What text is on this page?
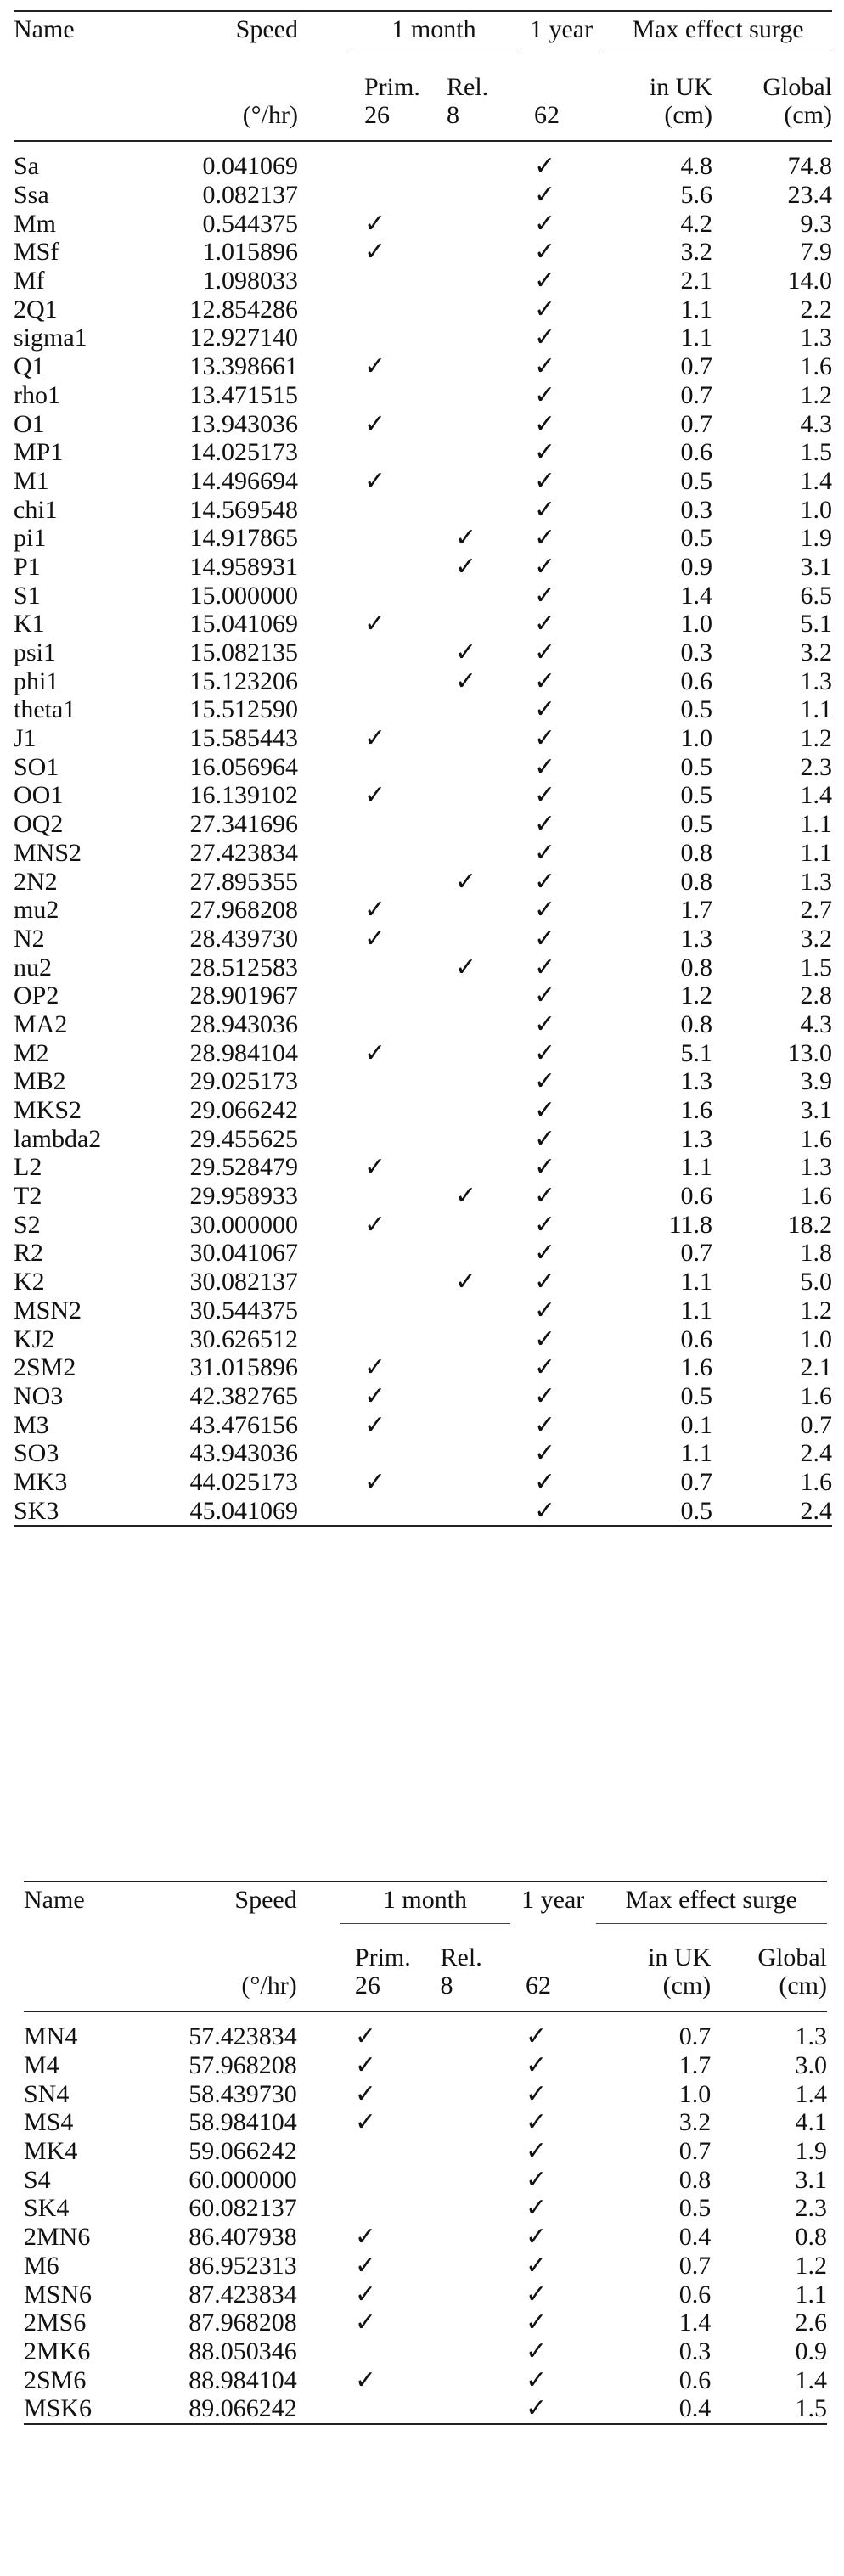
Name	Speed		1 month		1 year	Max effect surge	
			Prim.	Rel.		in UK	Global
	(°/hr)		26	8	62	(cm)	(cm)

Sa	0.041069				✓	4.8	74.8
Ssa	0.082137				✓	5.6	23.4
Mm	0.544375		✓		✓	4.2	9.3
MSf	1.015896		✓		✓	3.2	7.9
Mf	1.098033				✓	2.1	14.0
2Q1	12.854286				✓	1.1	2.2
sigma1	12.927140				✓	1.1	1.3
Q1	13.398661		✓		✓	0.7	1.6
rho1	13.471515				✓	0.7	1.2
O1	13.943036		✓		✓	0.7	4.3
MP1	14.025173				✓	0.6	1.5
M1	14.496694		✓		✓	0.5	1.4
chi1	14.569548				✓	0.3	1.0
pi1	14.917865			✓	✓	0.5	1.9
P1	14.958931			✓	✓	0.9	3.1
S1	15.000000				✓	1.4	6.5
K1	15.041069		✓		✓	1.0	5.1
psi1	15.082135			✓	✓	0.3	3.2
phi1	15.123206			✓	✓	0.6	1.3
theta1	15.512590				✓	0.5	1.1
J1	15.585443		✓		✓	1.0	1.2
SO1	16.056964				✓	0.5	2.3
OO1	16.139102		✓		✓	0.5	1.4
OQ2	27.341696				✓	0.5	1.1
MNS2	27.423834				✓	0.8	1.1
2N2	27.895355			✓	✓	0.8	1.3
mu2	27.968208		✓		✓	1.7	2.7
N2	28.439730		✓		✓	1.3	3.2
nu2	28.512583			✓	✓	0.8	1.5
OP2	28.901967				✓	1.2	2.8
MA2	28.943036				✓	0.8	4.3
M2	28.984104		✓		✓	5.1	13.0
MB2	29.025173				✓	1.3	3.9
MKS2	29.066242				✓	1.6	3.1
lambda2	29.455625				✓	1.3	1.6
L2	29.528479		✓		✓	1.1	1.3
T2	29.958933			✓	✓	0.6	1.6
S2	30.000000		✓		✓	11.8	18.2
R2	30.041067				✓	0.7	1.8
K2	30.082137			✓	✓	1.1	5.0
MSN2	30.544375				✓	1.1	1.2
KJ2	30.626512				✓	0.6	1.0
2SM2	31.015896		✓		✓	1.6	2.1
NO3	42.382765		✓		✓	0.5	1.6
M3	43.476156		✓		✓	0.1	0.7
SO3	43.943036				✓	1.1	2.4
MK3	44.025173		✓		✓	0.7	1.6
SK3	45.041069				✓	0.5	2.4
Name	Speed		1 month		1 year	Max effect surge	
			Prim.	Rel.		in UK	Global
	(°/hr)		26	8	62	(cm)	(cm)

MN4	57.423834		✓		✓	0.7	1.3
M4	57.968208		✓		✓	1.7	3.0
SN4	58.439730		✓		✓	1.0	1.4
MS4	58.984104		✓		✓	3.2	4.1
MK4	59.066242				✓	0.7	1.9
S4	60.000000				✓	0.8	3.1
SK4	60.082137				✓	0.5	2.3
2MN6	86.407938		✓		✓	0.4	0.8
M6	86.952313		✓		✓	0.7	1.2
MSN6	87.423834		✓		✓	0.6	1.1
2MS6	87.968208		✓		✓	1.4	2.6
2MK6	88.050346				✓	0.3	0.9
2SM6	88.984104		✓		✓	0.6	1.4
MSK6	89.066242				✓	0.4	1.5
